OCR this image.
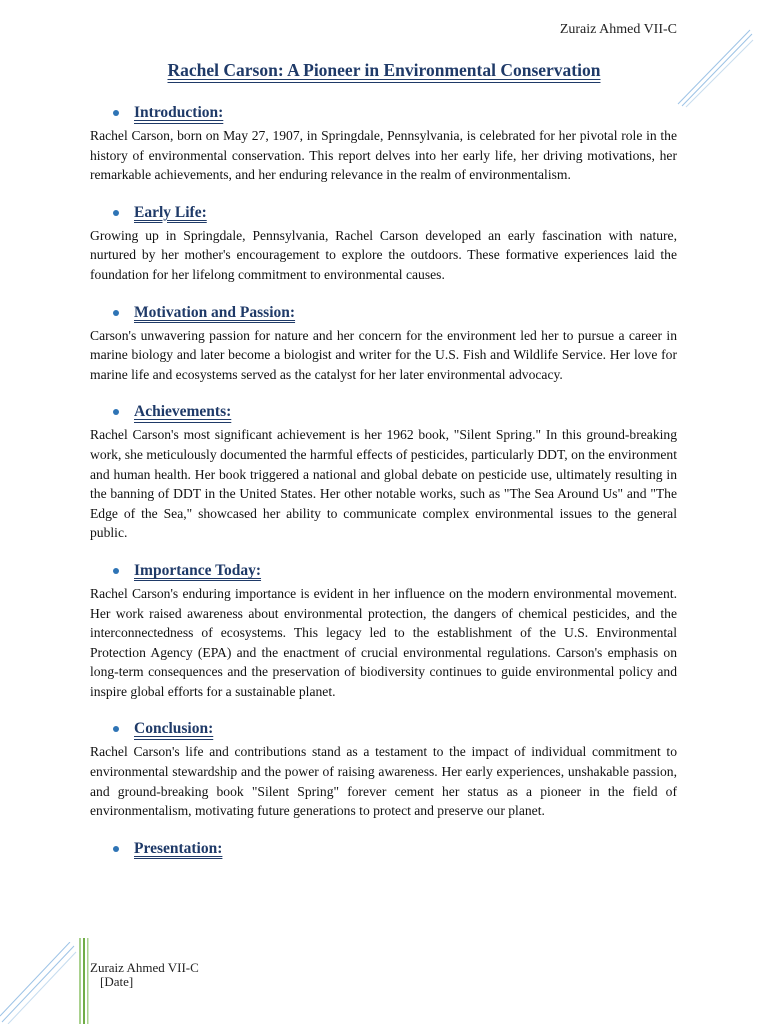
Zuraiz Ahmed VII-C
Rachel Carson: A Pioneer in Environmental Conservation
Introduction:

Rachel Carson, born on May 27, 1907, in Springdale, Pennsylvania, is celebrated for her pivotal role in the history of environmental conservation. This report delves into her early life, her driving motivations, her remarkable achievements, and her enduring relevance in the realm of environmentalism.

Early Life:

Growing up in Springdale, Pennsylvania, Rachel Carson developed an early fascination with nature, nurtured by her mother's encouragement to explore the outdoors. These formative experiences laid the foundation for her lifelong commitment to environmental causes.

Motivation and Passion:

Carson's unwavering passion for nature and her concern for the environment led her to pursue a career in marine biology and later become a biologist and writer for the U.S. Fish and Wildlife Service. Her love for marine life and ecosystems served as the catalyst for her later environmental advocacy.

Achievements:

Rachel Carson's most significant achievement is her 1962 book, "Silent Spring." In this ground-breaking work, she meticulously documented the harmful effects of pesticides, particularly DDT, on the environment and human health. Her book triggered a national and global debate on pesticide use, ultimately resulting in the banning of DDT in the United States. Her other notable works, such as "The Sea Around Us" and "The Edge of the Sea," showcased her ability to communicate complex environmental issues to the general public.

Importance Today:

Rachel Carson's enduring importance is evident in her influence on the modern environmental movement. Her work raised awareness about environmental protection, the dangers of chemical pesticides, and the interconnectedness of ecosystems. This legacy led to the establishment of the U.S. Environmental Protection Agency (EPA) and the enactment of crucial environmental regulations. Carson's emphasis on long-term consequences and the preservation of biodiversity continues to guide environmental policy and inspire global efforts for a sustainable planet.

Conclusion:

Rachel Carson's life and contributions stand as a testament to the impact of individual commitment to environmental stewardship and the power of raising awareness. Her early experiences, unshakable passion, and ground-breaking book "Silent Spring" forever cement her status as a pioneer in the field of environmentalism, motivating future generations to protect and preserve our planet.

Presentation:
Zuraiz Ahmed VII-C
[Date]
